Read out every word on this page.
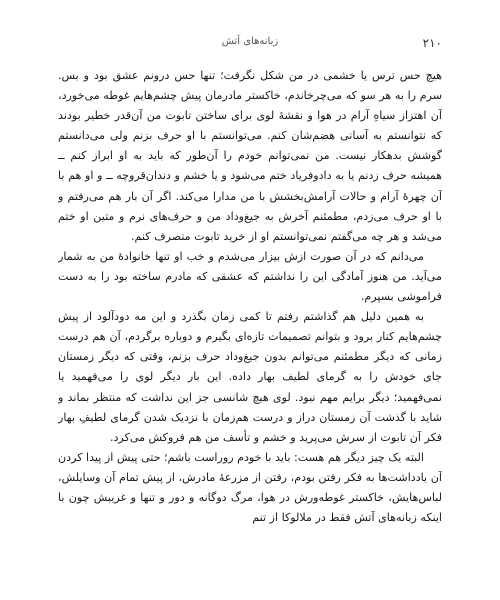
۲۱۰
زبانه‌های آتش

هیچ حس ترس یا خشمی در من شکل نگرفت؛ تنها حس درونم عشق بود و بس. سرم را به هر سو که می‌چرخاندم، خاکستر مادرمان پیش چشم‌هایم غوطه می‌خورد، آن اهتزاز سیاهِ آرام در هوا و نقشهٔ لوی برای ساختن تابوت من آن‌قدر خطیر بودند که نتوانستم به آسانی هضم‌شان کنم. می‌توانستم با او حرف بزنم ولی می‌دانستم گوشش بدهکار نیست. من نمی‌توانم خودم را آن‌طور که باید به او ابراز کنم ــ همیشه حرف زدنم یا به دادوفریاد ختم می‌شود و یا خشم و دندان‌قروچه ــ و او هم با آن چهرهٔ آرام و حالات آرامش‌بخشش با من مدارا می‌کند. اگر آن بار هم می‌رفتم و با او حرف می‌زدم، مطمئنم آخرش به جیغ‌وداد من و حرف‌های نرم و متین او ختم می‌شد و هر چه می‌گفتم نمی‌توانستم او از خرید تابوت منصرف کنم.

می‌دانم که در آن صورت ازش بیزار می‌شدم و خب او تنها خانوادهٔ من به شمار می‌آید. من هنوز آمادگی این را نداشتم که عشقی که مادرم ساخته بود را به دست فراموشی بسپرم.

به همین دلیل هم گذاشتم رفتم تا کمی زمان بگذرد و این مه دودآلود از پیش چشم‌هایم کنار برود و بتوانم تصمیمات تازه‌ای بگیرم و دوباره برگردم، آن هم درست زمانی که دیگر مطمئنم می‌توانم بدون جیغ‌وداد حرف بزنم، وقتی که دیگر زمستان جای خودش را به گرمای لطیف بهار داده. این بار دیگر لوی را می‌فهمید یا نمی‌فهمید؛ دیگر برایم مهم نبود. لوی هیچ شانسی جز این نداشت که منتظر بماند و شاید با گذشت آن زمستان دراز و درست هم‌زمان با نزدیک شدن گرمای لطیفِ بهار فکر آن تابوت از سرش می‌پرید و خشم و تأسف من هم فروکش می‌کرد.

البته یک چیز دیگر هم هست: باید با خودم روراست باشم؛ حتی پیش از پیدا کردن آن یادداشت‌ها به فکر رفتن بودم، رفتن از مزرعهٔ مادرش، از پیش تمام آن وسایلش، لباس‌هایش، خاکستر غوطه‌ورش در هوا، مرگ دوگانه و دور و تنها و غریبش چون با اینکه زبانه‌های آتش فقط در ملالوکا از تنم
